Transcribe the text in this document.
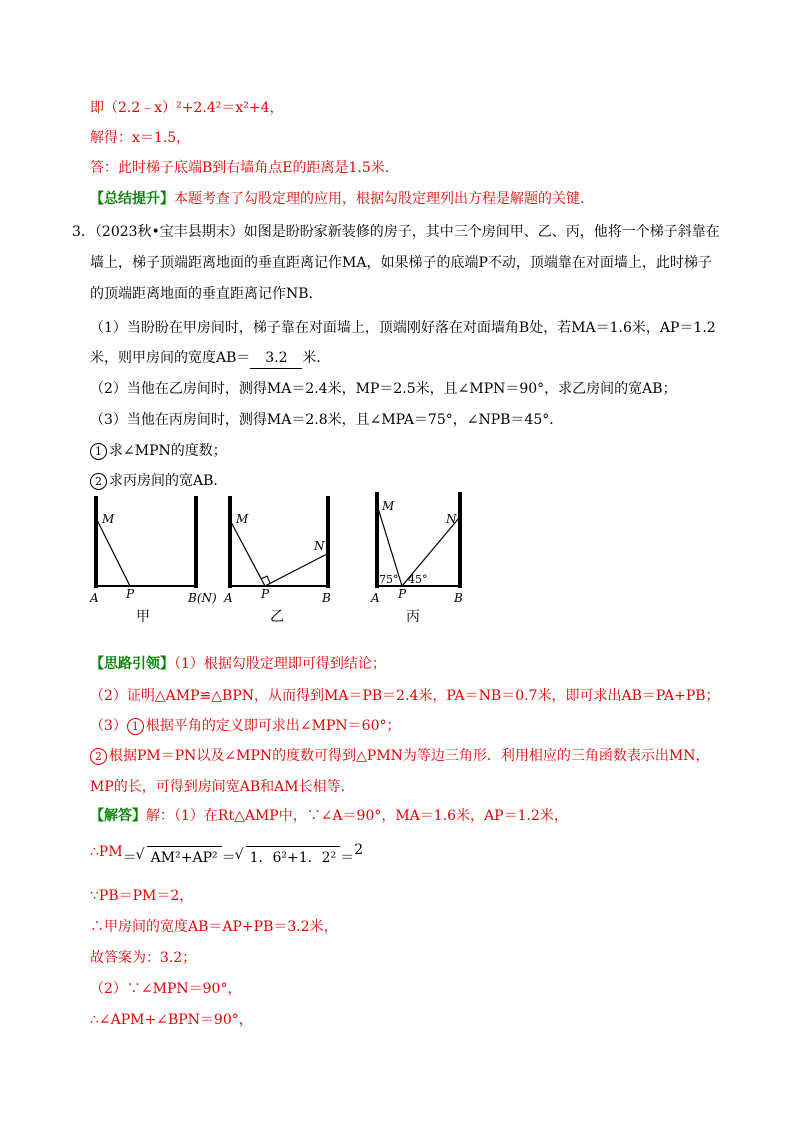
即（2.2﹣x）²+2.4²＝x²+4，
解得：x＝1.5，
答：此时梯子底端B到右墙角点E的距离是1.5米．
【总结提升】本题考查了勾股定理的应用，根据勾股定理列出方程是解题的关键．
3．（2023秋•宝丰县期末）如图是盼盼家新装修的房子，其中三个房间甲、乙、丙，他将一个梯子斜靠在
墙上，梯子顶端距离地面的垂直距离记作MA，如果梯子的底端P不动，顶端靠在对面墙上，此时梯子
的顶端距离地面的垂直距离记作NB．
（1）当盼盼在甲房间时，梯子靠在对面墙上，顶端刚好落在对面墙角B处，若MA＝1.6米，AP＝1.2
米，则甲房间的宽度AB＝ 3.2 米．
（2）当他在乙房间时，测得MA＝2.4米，MP＝2.5米，且∠MPN＝90°，求乙房间的宽AB；
（3）当他在丙房间时，测得MA＝2.8米，且∠MPA＝75°，∠NPB＝45°．
1 求∠MPN的度数；
2 求丙房间的宽AB．
M
A P	B(N)
甲
M
N
A P	B
乙
M
N
75° 45°
A P	B
丙
【思路引领】（1）根据勾股定理即可得到结论；
（2）证明△AMP≌△BPN，从而得到MA＝PB＝2.4米，PA＝NB＝0.7米，即可求出AB＝PA+PB；
（3） 1 根据平角的定义即可求出∠MPN＝60°；
2 根据PM＝PN以及∠MPN的度数可得到△PMN为等边三角形．利用相应的三角函数表示出MN，
MP的长，可得到房间宽AB和AM长相等．
【解答】解：（1）在Rt△AMP中，∵∠A＝90°，MA＝1.6米，AP＝1.2米，
∴PM＝ √ AM²+AP² ＝ √ 1．6²+1．2² ＝2
∵PB＝PM＝2，
∴甲房间的宽度AB＝AP+PB＝3.2米，
故答案为：3.2；
（2）∵∠MPN＝90°，
∴∠APM+∠BPN＝90°，
